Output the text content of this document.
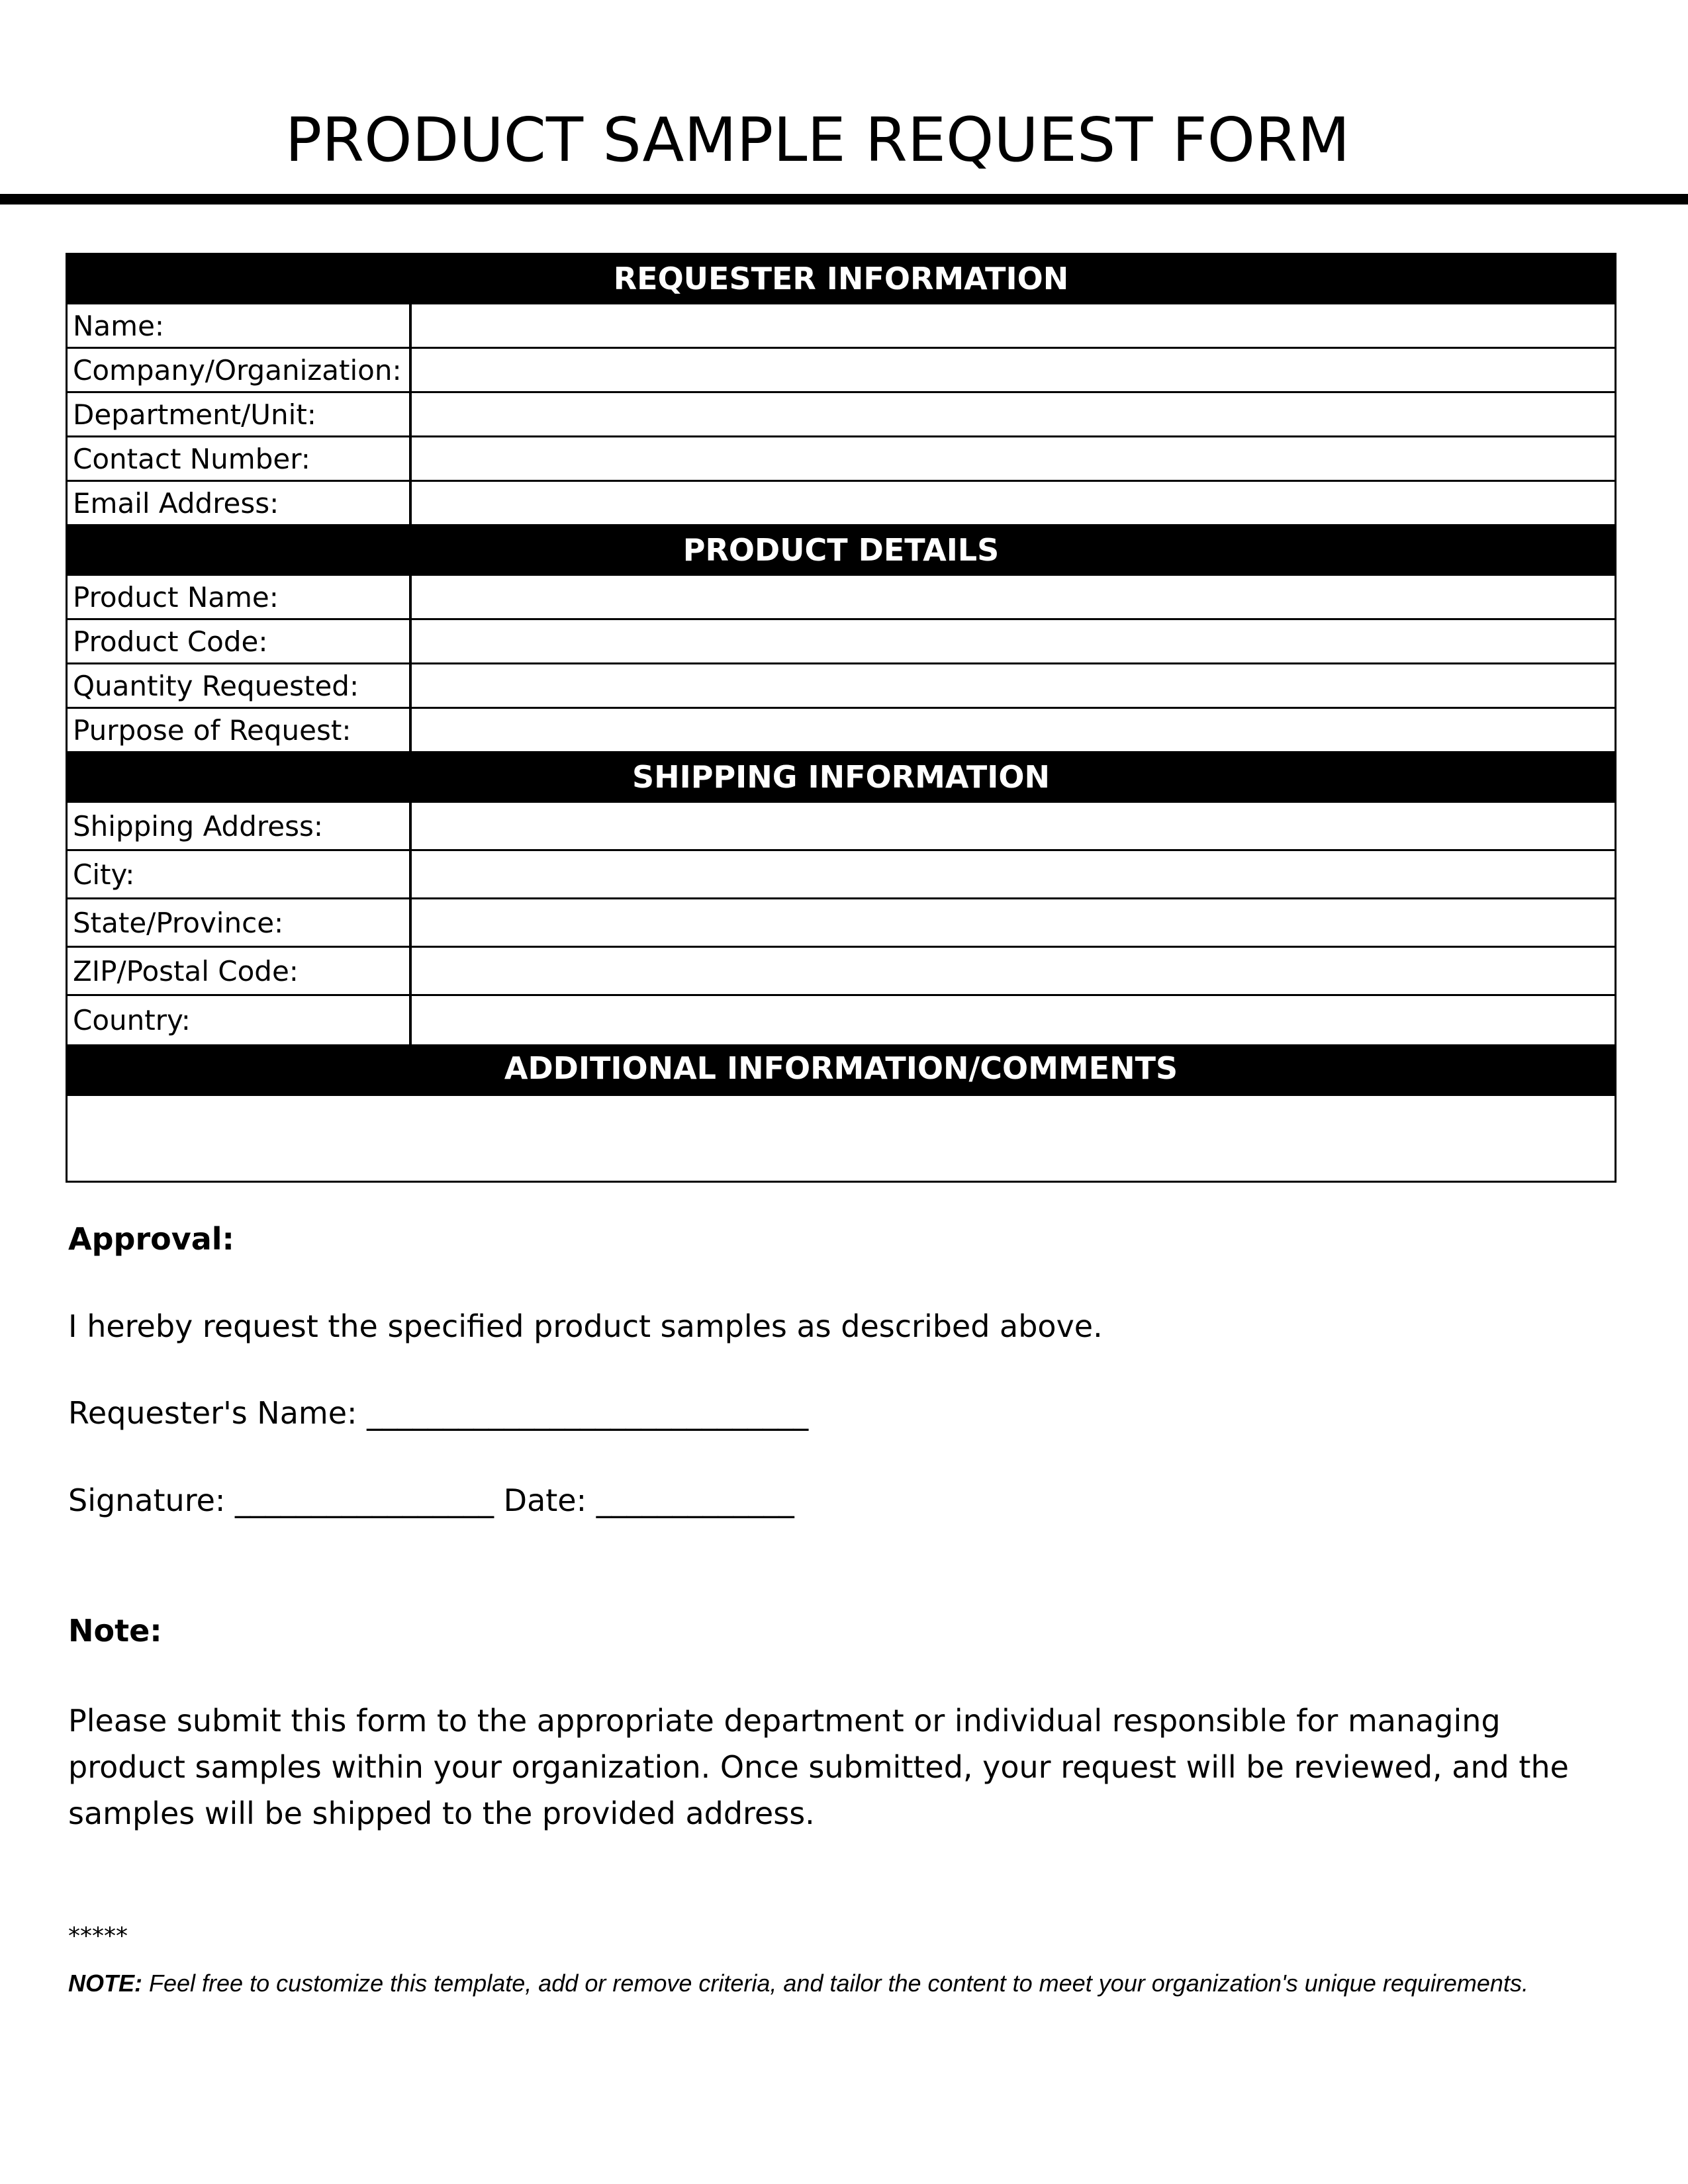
PRODUCT SAMPLE REQUEST FORM
REQUESTER INFORMATION
Name:
Company/Organization:
Department/Unit:
Contact Number:
Email Address:
PRODUCT DETAILS
Product Name:
Product Code:
Quantity Requested:
Purpose of Request:
SHIPPING INFORMATION
Shipping Address:
City:
State/Province:
ZIP/Postal Code:
Country:
ADDITIONAL INFORMATION/COMMENTS

Approval:

I hereby request the specified product samples as described above.

Requester's Name: _____________________________

Signature: _________________ Date: _____________

Note:

Please submit this form to the appropriate department or individual responsible for managing product samples within your organization. Once submitted, your request will be reviewed, and the samples will be shipped to the provided address.

*****

NOTE: Feel free to customize this template, add or remove criteria, and tailor the content to meet your organization's unique requirements.
